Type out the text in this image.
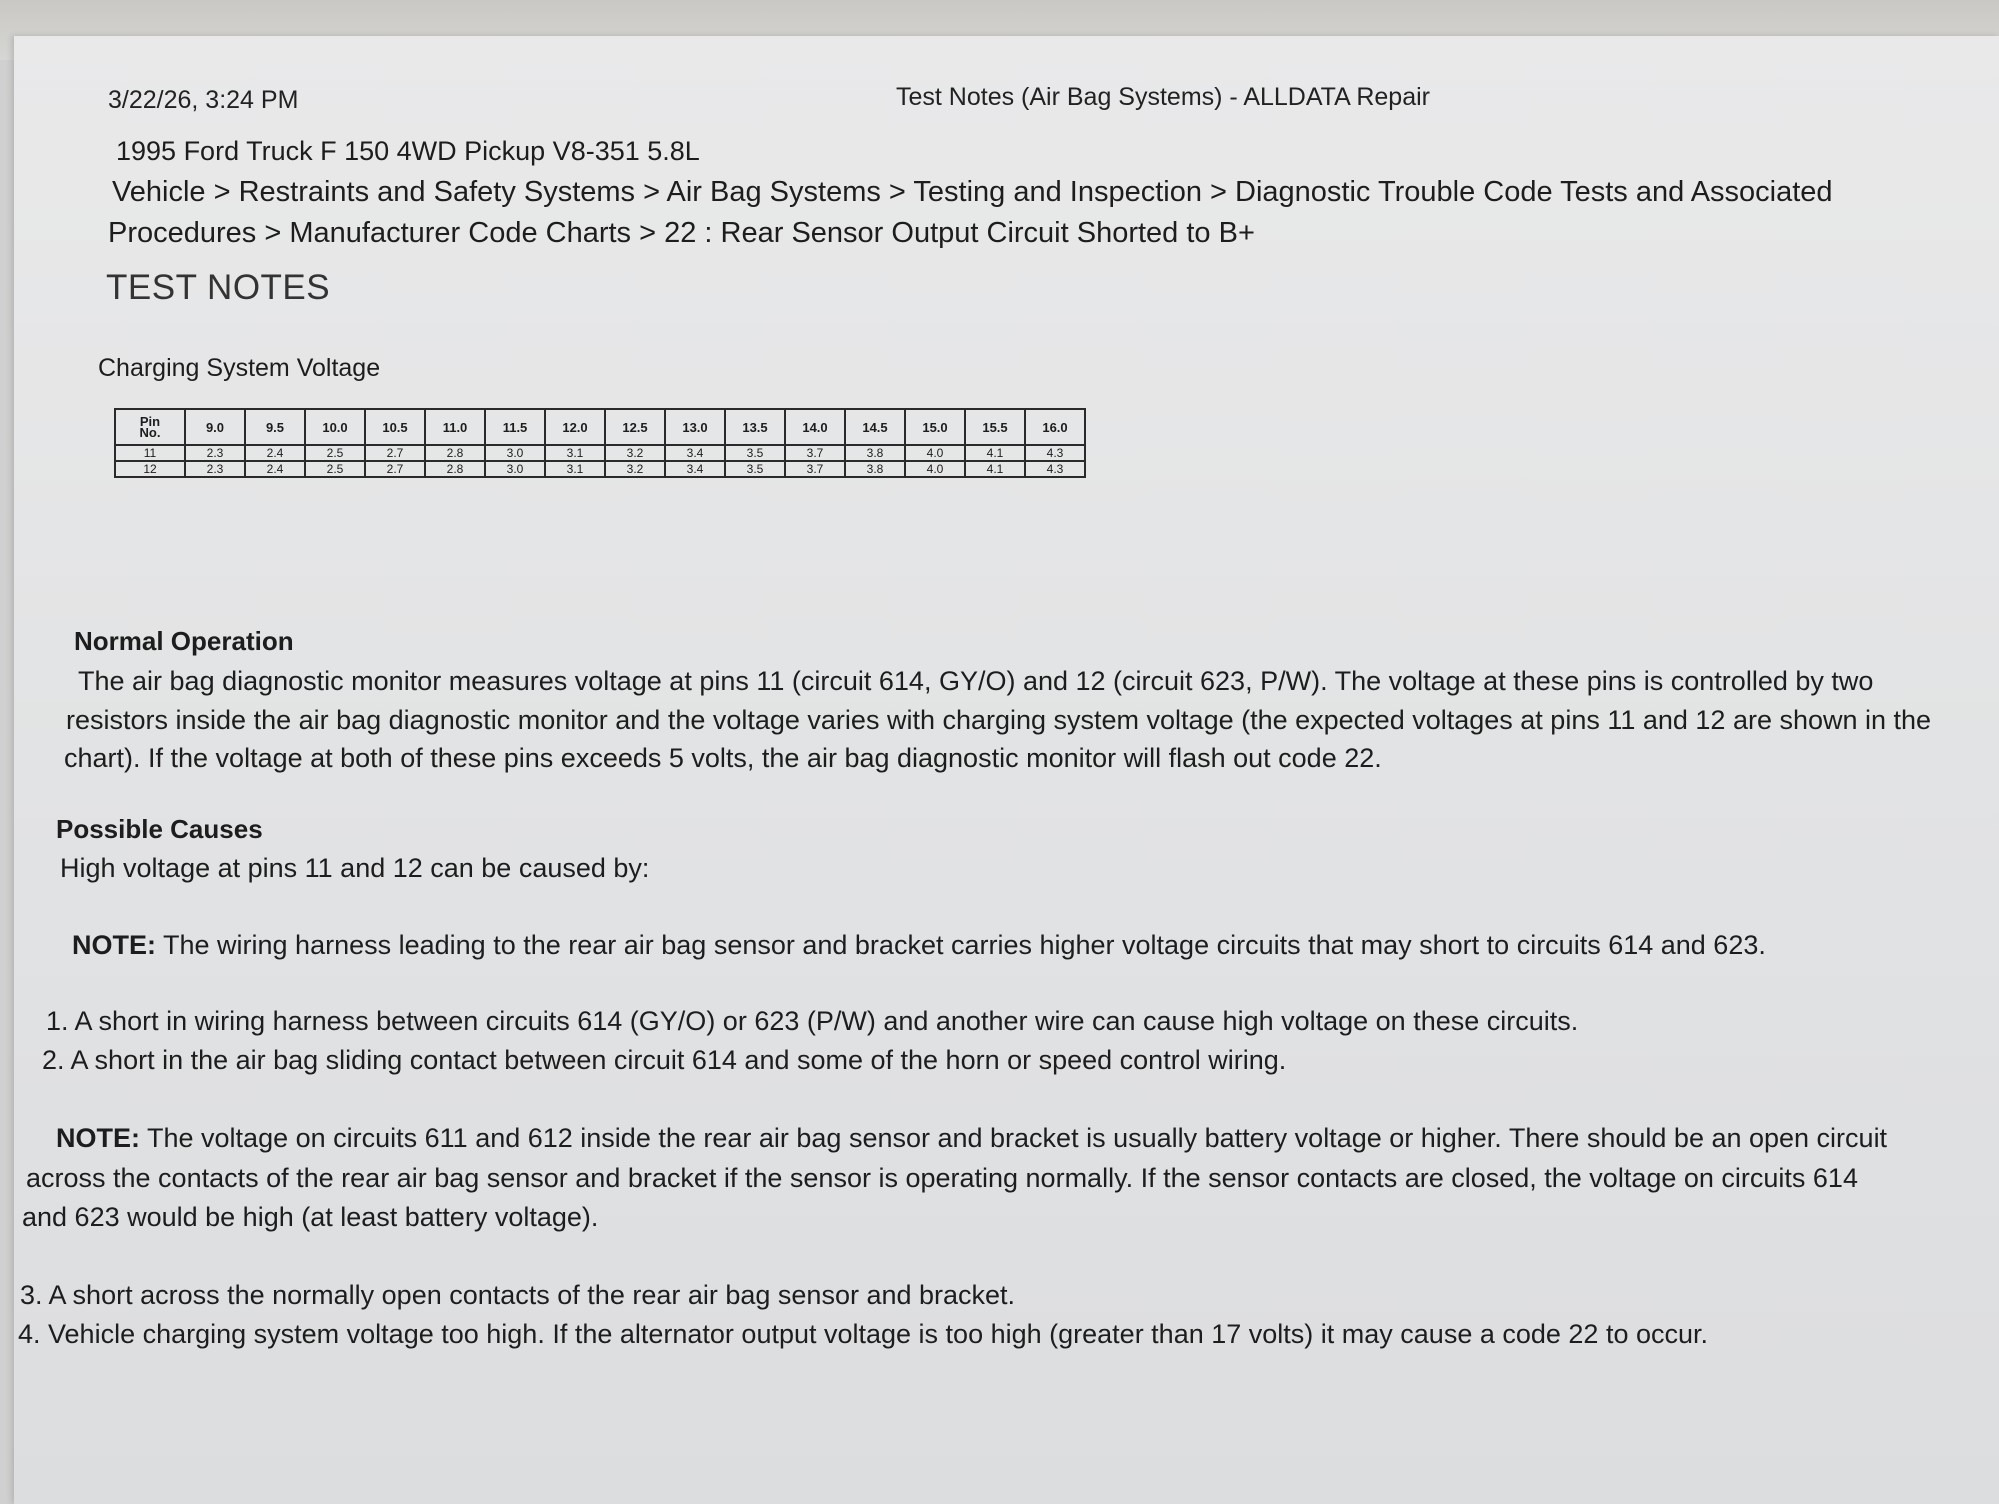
3/22/26, 3:24 PM	Test Notes (Air Bag Systems) - ALLDATA Repair
1995 Ford Truck F 150 4WD Pickup V8-351 5.8L
Vehicle > Restraints and Safety Systems > Air Bag Systems > Testing and Inspection > Diagnostic Trouble Code Tests and Associated
Procedures > Manufacturer Code Charts > 22 : Rear Sensor Output Circuit Shorted to B+
TEST NOTES
Charging System Voltage
Pin
No.	9.0	9.5	10.0	10.5	11.0	11.5	12.0	12.5	13.0	13.5	14.0	14.5	15.0	15.5	16.0
11	2.3	2.4	2.5	2.7	2.8	3.0	3.1	3.2	3.4	3.5	3.7	3.8	4.0	4.1	4.3
12	2.3	2.4	2.5	2.7	2.8	3.0	3.1	3.2	3.4	3.5	3.7	3.8	4.0	4.1	4.3
Normal Operation
The air bag diagnostic monitor measures voltage at pins 11 (circuit 614, GY/O) and 12 (circuit 623, P/W). The voltage at these pins is controlled by two
resistors inside the air bag diagnostic monitor and the voltage varies with charging system voltage (the expected voltages at pins 11 and 12 are shown in the
chart). If the voltage at both of these pins exceeds 5 volts, the air bag diagnostic monitor will flash out code 22.
Possible Causes
High voltage at pins 11 and 12 can be caused by:
NOTE: The wiring harness leading to the rear air bag sensor and bracket carries higher voltage circuits that may short to circuits 614 and 623.
1. A short in wiring harness between circuits 614 (GY/O) or 623 (P/W) and another wire can cause high voltage on these circuits.
2. A short in the air bag sliding contact between circuit 614 and some of the horn or speed control wiring.
NOTE: The voltage on circuits 611 and 612 inside the rear air bag sensor and bracket is usually battery voltage or higher. There should be an open circuit
across the contacts of the rear air bag sensor and bracket if the sensor is operating normally. If the sensor contacts are closed, the voltage on circuits 614
and 623 would be high (at least battery voltage).
3. A short across the normally open contacts of the rear air bag sensor and bracket.
4. Vehicle charging system voltage too high. If the alternator output voltage is too high (greater than 17 volts) it may cause a code 22 to occur.
